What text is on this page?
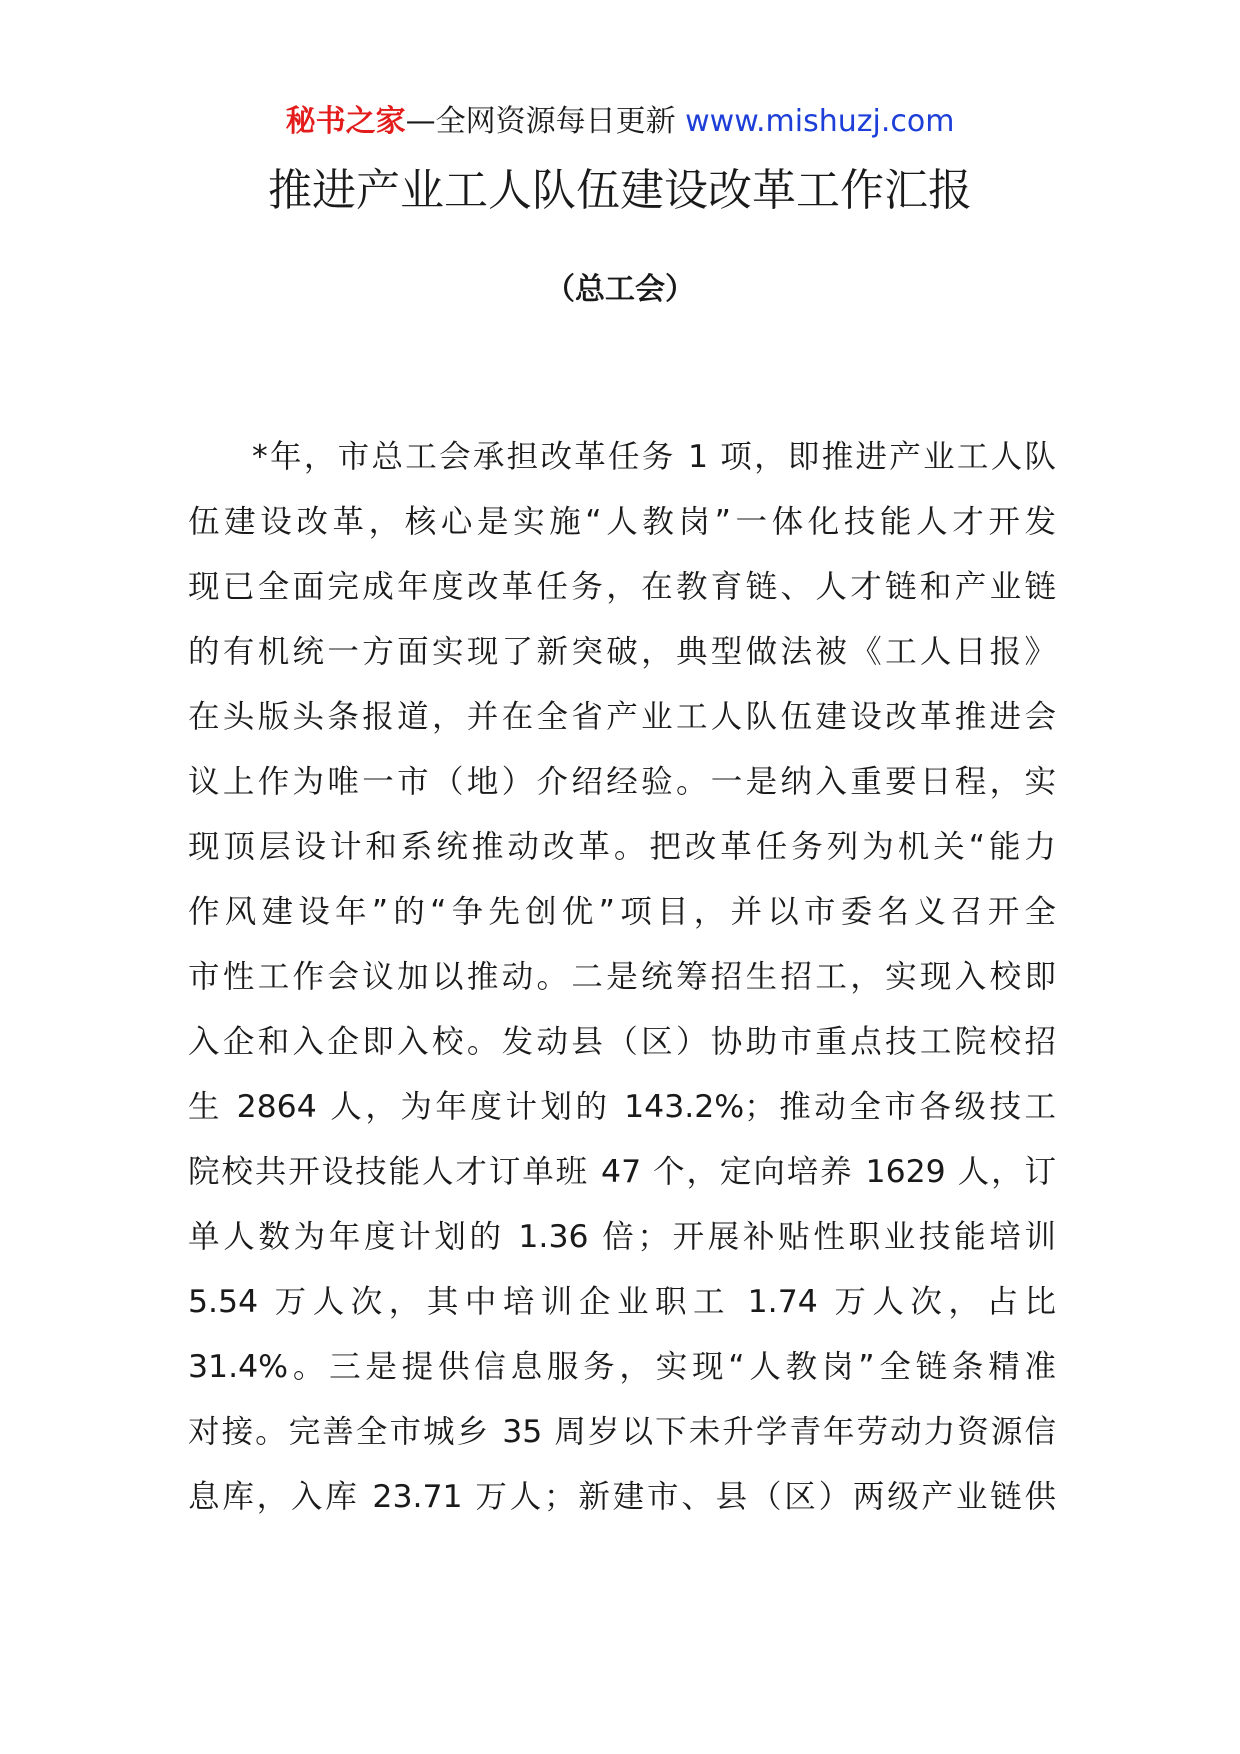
秘书之家—全网资源每日更新 www.mishuzj.com
推进产业工人队伍建设改革工作汇报
（总工会）
*年，市总工会承担改革任务 1 项，即推进产业工人队
伍建设改革，核心是实施“人教岗”一体化技能人才开发
现已全面完成年度改革任务，在教育链、人才链和产业链
的有机统一方面实现了新突破，典型做法被《工人日报》
在头版头条报道，并在全省产业工人队伍建设改革推进会
议上作为唯一市（地）介绍经验。一是纳入重要日程，实
现顶层设计和系统推动改革。把改革任务列为机关“能力
作风建设年”的“争先创优”项目，并以市委名义召开全
市性工作会议加以推动。二是统筹招生招工，实现入校即
入企和入企即入校。发动县（区）协助市重点技工院校招
生 2864 人，为年度计划的 143.2%；推动全市各级技工
院校共开设技能人才订单班 47 个，定向培养 1629 人，订
单人数为年度计划的 1.36 倍；开展补贴性职业技能培训
5.54 万人次，其中培训企业职工 1.74 万人次，占比
31.4%。三是提供信息服务，实现“人教岗”全链条精准
对接。完善全市城乡 35 周岁以下未升学青年劳动力资源信
息库，入库 23.71 万人；新建市、县（区）两级产业链供
